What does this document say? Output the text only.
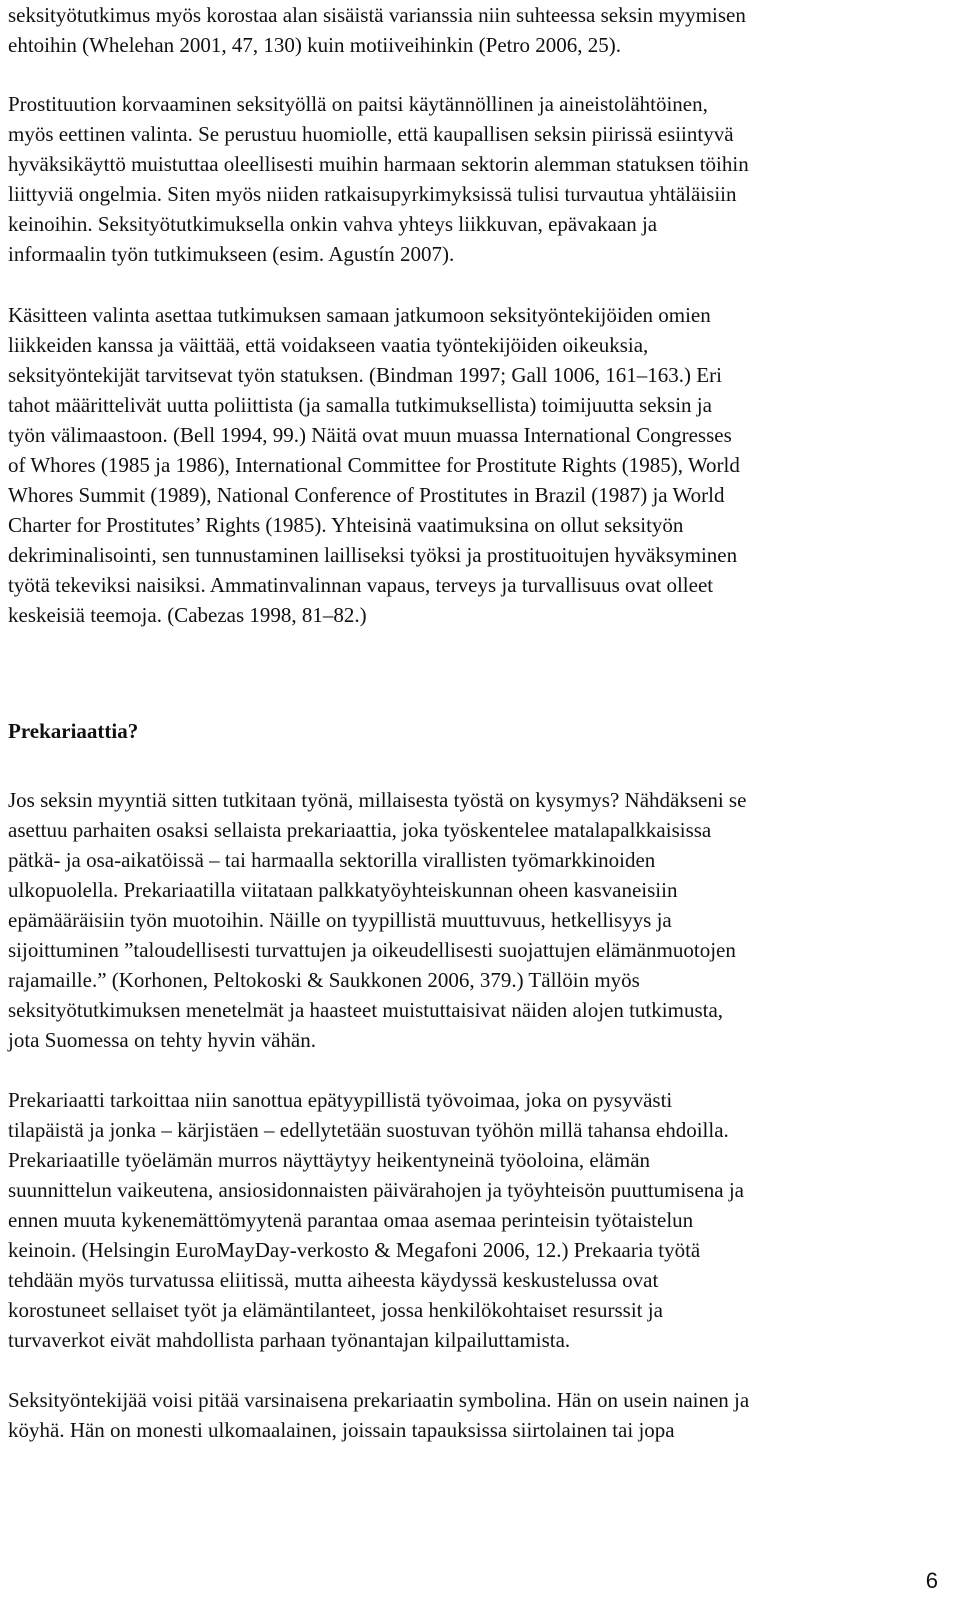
seksityötutkimus myös korostaa alan sisäistä varianssia niin suhteessa seksin myymisen
ehtoihin (Whelehan 2001, 47, 130) kuin motiiveihinkin (Petro 2006, 25).

Prostituution korvaaminen seksityöllä on paitsi käytännöllinen ja aineistolähtöinen,
myös eettinen valinta. Se perustuu huomiolle, että kaupallisen seksin piirissä esiintyvä
hyväksikäyttö muistuttaa oleellisesti muihin harmaan sektorin alemman statuksen töihin
liittyviä ongelmia. Siten myös niiden ratkaisupyrkimyksissä tulisi turvautua yhtäläisiin
keinoihin. Seksityötutkimuksella onkin vahva yhteys liikkuvan, epävakaan ja
informaalin työn tutkimukseen (esim. Agustín 2007).

Käsitteen valinta asettaa tutkimuksen samaan jatkumoon seksityöntekijöiden omien
liikkeiden kanssa ja väittää, että voidakseen vaatia työntekijöiden oikeuksia,
seksityöntekijät tarvitsevat työn statuksen. (Bindman 1997; Gall 1006, 161–163.) Eri
tahot määrittelivät uutta poliittista (ja samalla tutkimuksellista) toimijuutta seksin ja
työn välimaastoon. (Bell 1994, 99.) Näitä ovat muun muassa International Congresses
of Whores (1985 ja 1986), International Committee for Prostitute Rights (1985), World
Whores Summit (1989), National Conference of Prostitutes in Brazil (1987) ja World
Charter for Prostitutes’ Rights (1985). Yhteisinä vaatimuksina on ollut seksityön
dekriminalisointi, sen tunnustaminen lailliseksi työksi ja prostituoitujen hyväksyminen
työtä tekeviksi naisiksi. Ammatinvalinnan vapaus, terveys ja turvallisuus ovat olleet
keskeisiä teemoja. (Cabezas 1998, 81–82.)

Prekariaattia?

Jos seksin myyntiä sitten tutkitaan työnä, millaisesta työstä on kysymys? Nähdäkseni se
asettuu parhaiten osaksi sellaista prekariaattia, joka työskentelee matalapalkkaisissa
pätkä- ja osa-aikatöissä – tai harmaalla sektorilla virallisten työmarkkinoiden
ulkopuolella. Prekariaatilla viitataan palkkatyöyhteiskunnan oheen kasvaneisiin
epämääräisiin työn muotoihin. Näille on tyypillistä muuttuvuus, hetkellisyys ja
sijoittuminen ”taloudellisesti turvattujen ja oikeudellisesti suojattujen elämänmuotojen
rajamaille.” (Korhonen, Peltokoski & Saukkonen 2006, 379.) Tällöin myös
seksityötutkimuksen menetelmät ja haasteet muistuttaisivat näiden alojen tutkimusta,
jota Suomessa on tehty hyvin vähän.

Prekariaatti tarkoittaa niin sanottua epätyypillistä työvoimaa, joka on pysyvästi
tilapäistä ja jonka – kärjistäen – edellytetään suostuvan työhön millä tahansa ehdoilla.
Prekariaatille työelämän murros näyttäytyy heikentyneinä työoloina, elämän
suunnittelun vaikeutena, ansiosidonnaisten päivärahojen ja työyhteisön puuttumisena ja
ennen muuta kykenemättömyytenä parantaa omaa asemaa perinteisin työtaistelun
keinoin. (Helsingin EuroMayDay-verkosto & Megafoni 2006, 12.) Prekaaria työtä
tehdään myös turvatussa eliitissä, mutta aiheesta käydyssä keskustelussa ovat
korostuneet sellaiset työt ja elämäntilanteet, jossa henkilökohtaiset resurssit ja
turvaverkot eivät mahdollista parhaan työnantajan kilpailuttamista.

Seksityöntekijää voisi pitää varsinaisena prekariaatin symbolina. Hän on usein nainen ja
köyhä. Hän on monesti ulkomaalainen, joissain tapauksissa siirtolainen tai jopa

6
